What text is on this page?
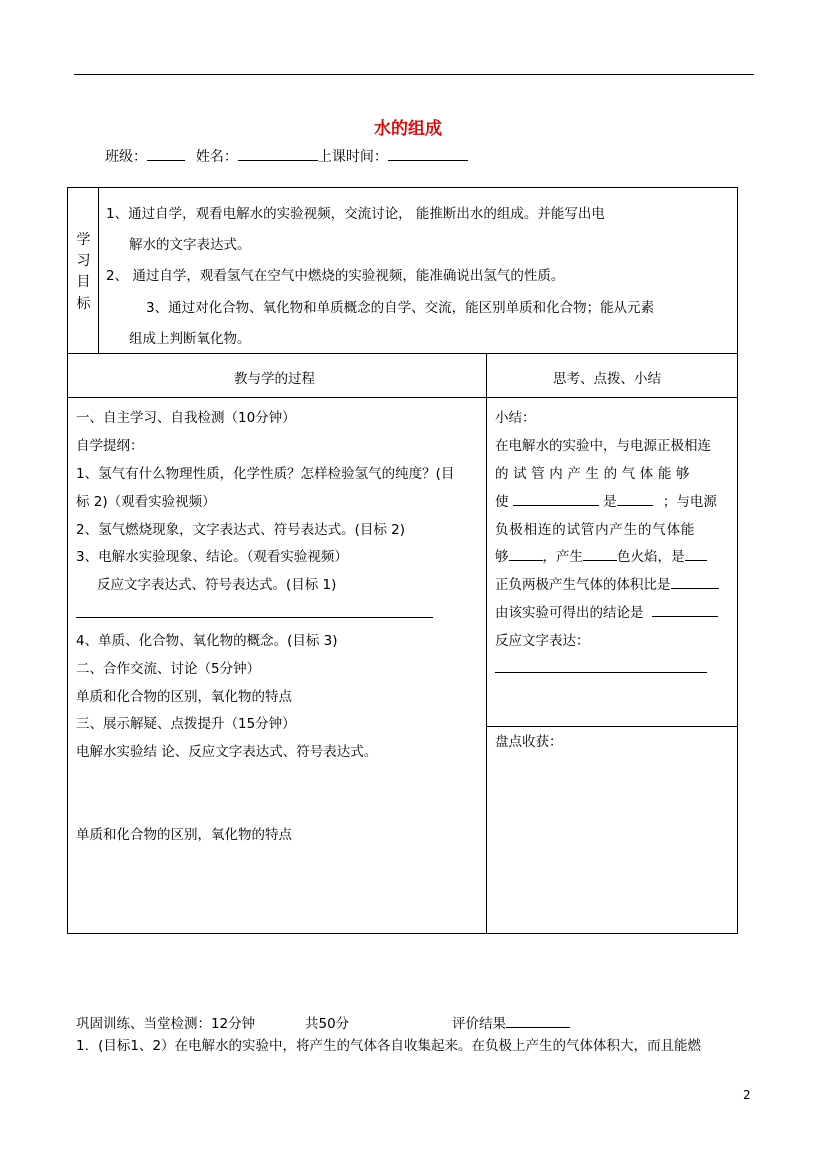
水的组成
班级：	姓名：	上课时间：
学
习
目
标
1、通过自学，观看电解水的实验视频，交流讨论， 能推断出水的组成。并能写出电
解水的文字表达式。
2、 通过自学，观看氢气在空气中燃烧的实验视频，能准确说出氢气的性质。
3、通过对化合物、氧化物和单质概念的自学、交流，能区别单质和化合物；能从元素
组成上判断氧化物。
教与学的过程	思考、点拨、小结
一、自主学习、自我检测（10分钟）
自学提纲：
1、氢气有什么物理性质，化学性质？怎样检验氢气的纯度？(目
标 2)（观看实验视频）
2、氢气燃烧现象，文字表达式、符号表达式。(目标 2)
3、电解水实验现象、结论。（观看实验视频）
反应文字表达式、符号表达式。(目标 1)
4、单质、化合物、氧化物的概念。(目标 3)
二、合作交流、讨论（5分钟）
单质和化合物的区别，氧化物的特点
三、展示解疑、点拨提升（15分钟）
电解水实验结 论、反应文字表达式、符号表达式。
单质和化合物的区别，氧化物的特点
小结：
在电解水的实验中，与电源正极相连
的试管内产生的气体能够
使	是	；与电源
负极相连的试管内产生的气体能
够	，产生	色火焰，是
正负两极产生气体的体积比是
由该实验可得出的结论是
反应文字表达：
盘点收获：
巩固训练、当堂检测：12分钟	共50分	评价结果
1．(目标1、2）在电解水的实验中，将产生的气体各自收集起来。在负极上产生的气体体积大，而且能燃
2
